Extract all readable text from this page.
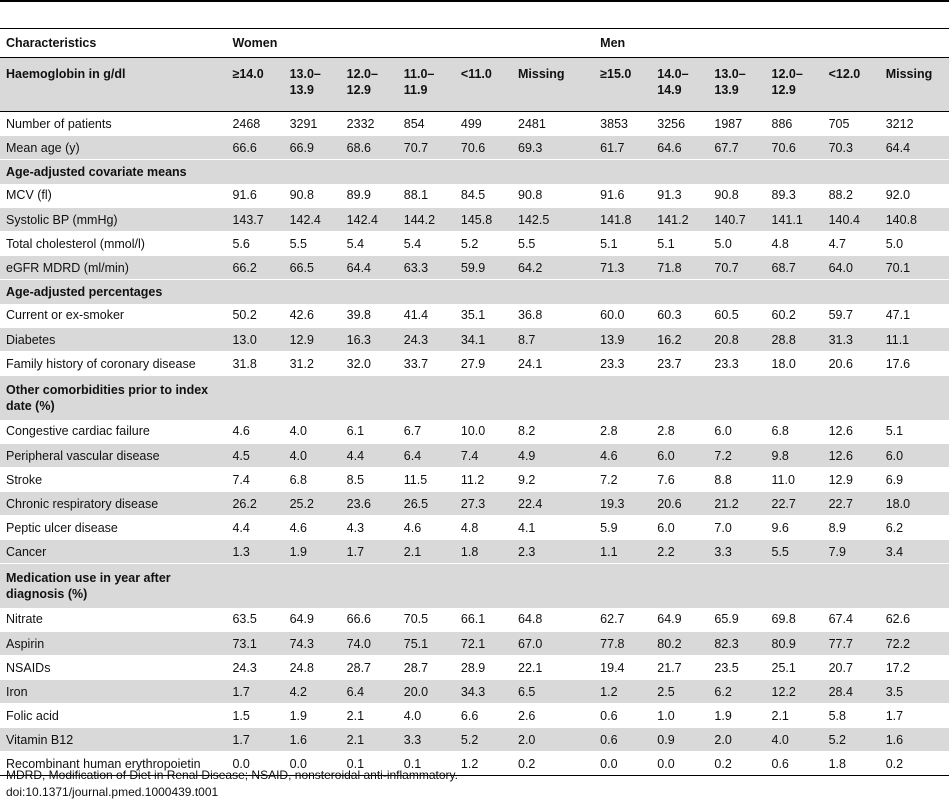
Characteristics	Women						Men					
Haemoglobin in g/dl	≥14.0	13.0–13.9	12.0–12.9	11.0–11.9	<11.0	Missing	≥15.0	14.0–14.9	13.0–13.9	12.0–12.9	<12.0	Missing
Number of patients	2468	3291	2332	854	499	2481	3853	3256	1987	886	705	3212
Mean age (y)	66.6	66.9	68.6	70.7	70.6	69.3	61.7	64.6	67.7	70.6	70.3	64.4
Age-adjusted covariate means												
MCV (fl)	91.6	90.8	89.9	88.1	84.5	90.8	91.6	91.3	90.8	89.3	88.2	92.0
Systolic BP (mmHg)	143.7	142.4	142.4	144.2	145.8	142.5	141.8	141.2	140.7	141.1	140.4	140.8
Total cholesterol (mmol/l)	5.6	5.5	5.4	5.4	5.2	5.5	5.1	5.1	5.0	4.8	4.7	5.0
eGFR MDRD (ml/min)	66.2	66.5	64.4	63.3	59.9	64.2	71.3	71.8	70.7	68.7	64.0	70.1
Age-adjusted percentages												
Current or ex-smoker	50.2	42.6	39.8	41.4	35.1	36.8	60.0	60.3	60.5	60.2	59.7	47.1
Diabetes	13.0	12.9	16.3	24.3	34.1	8.7	13.9	16.2	20.8	28.8	31.3	11.1
Family history of coronary disease	31.8	31.2	32.0	33.7	27.9	24.1	23.3	23.7	23.3	18.0	20.6	17.6
Other comorbidities prior to index date (%)												
Congestive cardiac failure	4.6	4.0	6.1	6.7	10.0	8.2	2.8	2.8	6.0	6.8	12.6	5.1
Peripheral vascular disease	4.5	4.0	4.4	6.4	7.4	4.9	4.6	6.0	7.2	9.8	12.6	6.0
Stroke	7.4	6.8	8.5	11.5	11.2	9.2	7.2	7.6	8.8	11.0	12.9	6.9
Chronic respiratory disease	26.2	25.2	23.6	26.5	27.3	22.4	19.3	20.6	21.2	22.7	22.7	18.0
Peptic ulcer disease	4.4	4.6	4.3	4.6	4.8	4.1	5.9	6.0	7.0	9.6	8.9	6.2
Cancer	1.3	1.9	1.7	2.1	1.8	2.3	1.1	2.2	3.3	5.5	7.9	3.4
Medication use in year after diagnosis (%)												
Nitrate	63.5	64.9	66.6	70.5	66.1	64.8	62.7	64.9	65.9	69.8	67.4	62.6
Aspirin	73.1	74.3	74.0	75.1	72.1	67.0	77.8	80.2	82.3	80.9	77.7	72.2
NSAIDs	24.3	24.8	28.7	28.7	28.9	22.1	19.4	21.7	23.5	25.1	20.7	17.2
Iron	1.7	4.2	6.4	20.0	34.3	6.5	1.2	2.5	6.2	12.2	28.4	3.5
Folic acid	1.5	1.9	2.1	4.0	6.6	2.6	0.6	1.0	1.9	2.1	5.8	1.7
Vitamin B12	1.7	1.6	2.1	3.3	5.2	2.0	0.6	0.9	2.0	4.0	5.2	1.6
Recombinant human erythropoietin	0.0	0.0	0.1	0.1	1.2	0.2	0.0	0.0	0.2	0.6	1.8	0.2
MDRD, Modification of Diet in Renal Disease; NSAID, nonsteroidal anti-inflammatory.
doi:10.1371/journal.pmed.1000439.t001
